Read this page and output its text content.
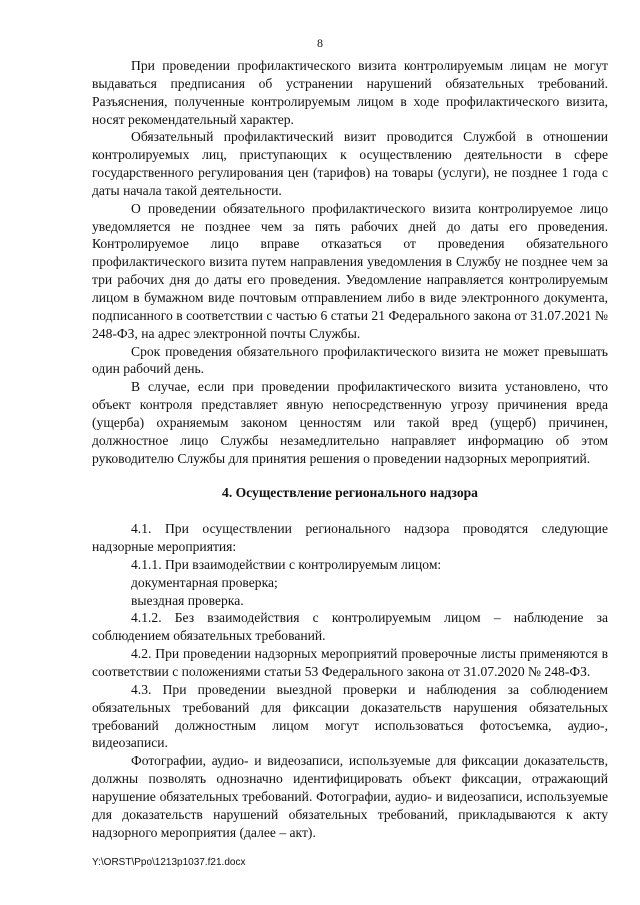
8

При проведении профилактического визита контролируемым лицам не могут выдаваться предписания об устранении нарушений обязательных требований. Разъяснения, полученные контролируемым лицом в ходе профилактического визита, носят рекомендательный характер.

Обязательный профилактический визит проводится Службой в отношении контролируемых лиц, приступающих к осуществлению деятельности в сфере государственного регулирования цен (тарифов) на товары (услуги), не позднее 1 года с даты начала такой деятельности.

О проведении обязательного профилактического визита контролируемое лицо уведомляется не позднее чем за пять рабочих дней до даты его проведения. Контролируемое лицо вправе отказаться от проведения обязательного профилактического визита путем направления уведомления в Службу не позднее чем за три рабочих дня до даты его проведения. Уведомление направляется контролируемым лицом в бумажном виде почтовым отправлением либо в виде электронного документа, подписанного в соответствии с частью 6 статьи 21 Федерального закона от 31.07.2021 № 248-ФЗ, на адрес электронной почты Службы.

Срок проведения обязательного профилактического визита не может превышать один рабочий день.

В случае, если при проведении профилактического визита установлено, что объект контроля представляет явную непосредственную угрозу причинения вреда (ущерба) охраняемым законом ценностям или такой вред (ущерб) причинен, должностное лицо Службы незамедлительно направляет информацию об этом руководителю Службы для принятия решения о проведении надзорных мероприятий.

4. Осуществление регионального надзора

4.1. При осуществлении регионального надзора проводятся следующие надзорные мероприятия:

4.1.1. При взаимодействии с контролируемым лицом:

документарная проверка;

выездная проверка.

4.1.2. Без взаимодействия с контролируемым лицом – наблюдение за соблюдением обязательных требований.

4.2. При проведении надзорных мероприятий проверочные листы применяются в соответствии с положениями статьи 53 Федерального закона от 31.07.2020 № 248-ФЗ.

4.3. При проведении выездной проверки и наблюдения за соблюдением обязательных требований для фиксации доказательств нарушения обязательных требований должностным лицом могут использоваться фотосъемка, аудио-, видеозаписи.

Фотографии, аудио- и видеозаписи, используемые для фиксации доказательств, должны позволять однозначно идентифицировать объект фиксации, отражающий нарушение обязательных требований. Фотографии, аудио- и видеозаписи, используемые для доказательств нарушений обязательных требований, прикладываются к акту надзорного мероприятия (далее – акт).

Y:\ORST\Ppo\1213p1037.f21.docx
